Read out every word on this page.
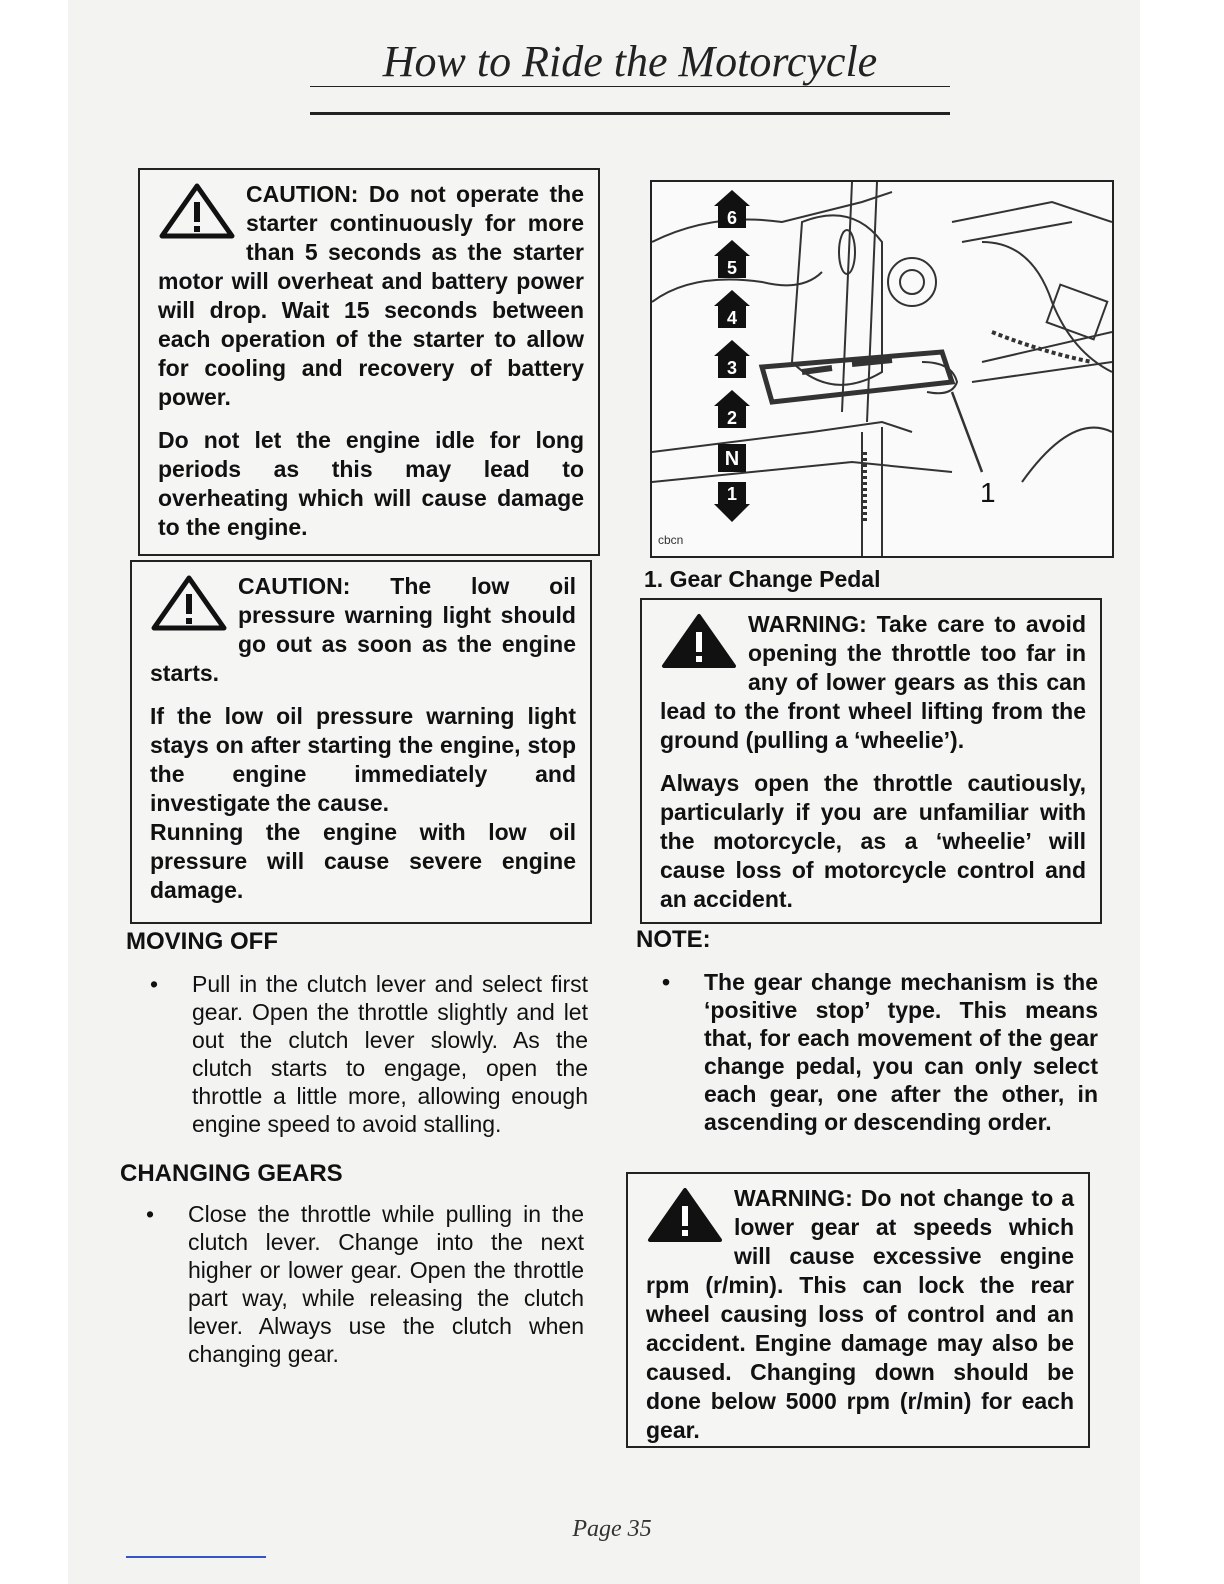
How to Ride the Motorcycle

CAUTION: Do not operate the starter continuously for more than 5 seconds as the starter motor will overheat and battery power will drop. Wait 15 seconds between each operation of the starter to allow for cooling and recovery of battery power.

Do not let the engine idle for long periods as this may lead to overheating which will cause damage to the engine.

CAUTION: The low oil pressure warning light should go out as soon as the engine starts.

If the low oil pressure warning light stays on after starting the engine, stop the engine immediately and investigate the cause.

Running the engine with low oil pressure will cause severe engine damage.

6
5
4
3
2
N
1	1
cbcn
1. Gear Change Pedal

WARNING: Take care to avoid opening the throttle too far in any of lower gears as this can lead to the front wheel lifting from the ground (pulling a ‘wheelie’).

Always open the throttle cautiously, particularly if you are unfamiliar with the motorcycle, as a ‘wheelie’ will cause loss of motorcycle control and an accident.

MOVING OFF
• Pull in the clutch lever and select first gear. Open the throttle slightly and let out the clutch lever slowly. As the clutch starts to engage, open the throttle a little more, allowing enough engine speed to avoid stalling.
CHANGING GEARS
• Close the throttle while pulling in the clutch lever. Change into the next higher or lower gear. Open the throttle part way, while releasing the clutch lever. Always use the clutch when changing gear.
NOTE:
• The gear change mechanism is the ‘positive stop’ type. This means that, for each movement of the gear change pedal, you can only select each gear, one after the other, in ascending or descending order.

WARNING: Do not change to a lower gear at speeds which will cause excessive engine rpm (r/min). This can lock the rear wheel causing loss of control and an accident. Engine damage may also be caused. Changing down should be done below 5000 rpm (r/min) for each gear.

Page 35
